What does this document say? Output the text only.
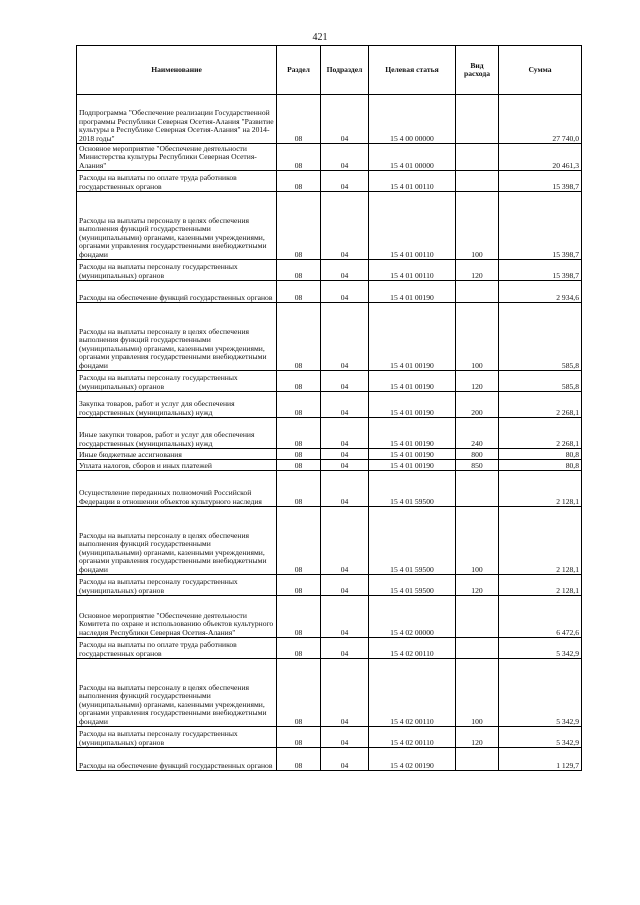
421
Наименование	Раздел	Подраздел	Целевая статья	Вид расхода	Сумма
Подпрограмма "Обеспечение реализации Государственной программы Республики Северная Осетия-Алания "Развитие культуры в Республике Северная Осетия-Алания" на 2014-2018 годы"	08	04	15 4 00 00000		27 740,0
Основное мероприятие "Обеспечение деятельности Министерства культуры Республики Северная Осетия-Алания"	08	04	15 4 01 00000		20 461,3
Расходы на выплаты по оплате труда работников государственных органов	08	04	15 4 01 00110		15 398,7
Расходы на выплаты персоналу в целях обеспечения выполнения функций государственными (муниципальными) органами, казенными учреждениями, органами управления государственными внебюджетными фондами	08	04	15 4 01 00110	100	15 398,7
Расходы на выплаты персоналу государственных (муниципальных) органов	08	04	15 4 01 00110	120	15 398,7
Расходы на обеспечение функций государственных органов	08	04	15 4 01 00190		2 934,6
Расходы на выплаты персоналу в целях обеспечения выполнения функций государственными (муниципальными) органами, казенными учреждениями, органами управления государственными внебюджетными фондами	08	04	15 4 01 00190	100	585,8
Расходы на выплаты персоналу государственных (муниципальных) органов	08	04	15 4 01 00190	120	585,8
Закупка товаров, работ и услуг для обеспечения государственных (муниципальных) нужд	08	04	15 4 01 00190	200	2 268,1
Иные закупки товаров, работ и услуг для обеспечения государственных (муниципальных) нужд	08	04	15 4 01 00190	240	2 268,1
Иные бюджетные ассигнования	08	04	15 4 01 00190	800	80,8
Уплата налогов, сборов и иных платежей	08	04	15 4 01 00190	850	80,8
Осуществление переданных полномочий Российской Федерации в отношении объектов культурного наследия	08	04	15 4 01 59500		2 128,1
Расходы на выплаты персоналу в целях обеспечения выполнения функций государственными (муниципальными) органами, казенными учреждениями, органами управления государственными внебюджетными фондами	08	04	15 4 01 59500	100	2 128,1
Расходы на выплаты персоналу государственных (муниципальных) органов	08	04	15 4 01 59500	120	2 128,1
Основное мероприятие "Обеспечение деятельности Комитета по охране и использованию объектов культурного наследия Республики Северная Осетия-Алания"	08	04	15 4 02 00000		6 472,6
Расходы на выплаты по оплате труда работников государственных органов	08	04	15 4 02 00110		5 342,9
Расходы на выплаты персоналу в целях обеспечения выполнения функций государственными (муниципальными) органами, казенными учреждениями, органами управления государственными внебюджетными фондами	08	04	15 4 02 00110	100	5 342,9
Расходы на выплаты персоналу государственных (муниципальных) органов	08	04	15 4 02 00110	120	5 342,9
Расходы на обеспечение функций государственных органов	08	04	15 4 02 00190		1 129,7
